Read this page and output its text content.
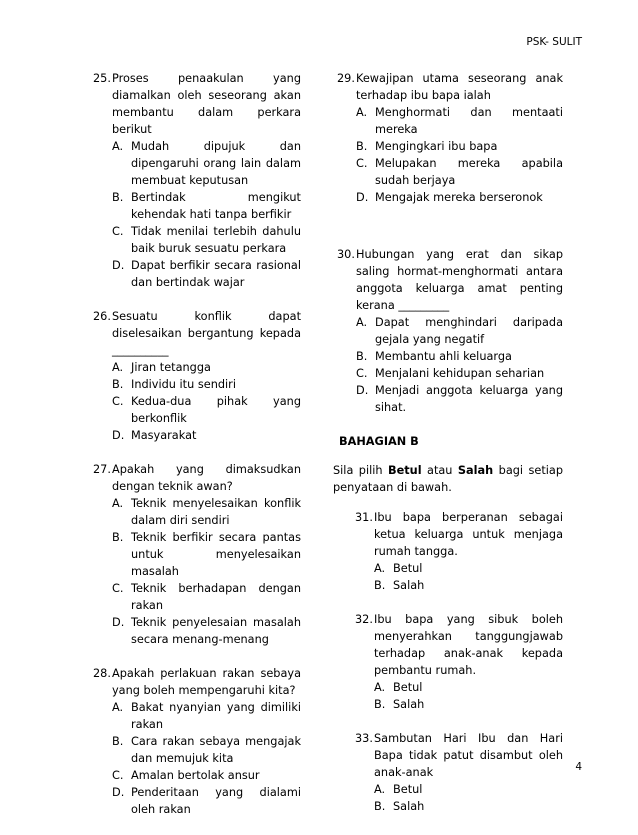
PSK- SULIT
25. Proses penaakulan yang diamalkan oleh seseorang akan membantu dalam perkara berikut
A. Mudah dipujuk dan dipengaruhi orang lain dalam membuat keputusan
B. Bertindak mengikut kehendak hati tanpa berfikir
C. Tidak menilai terlebih dahulu baik buruk sesuatu perkara
D. Dapat berfikir secara rasional dan bertindak wajar
26. Sesuatu konflik dapat diselesaikan bergantung kepada __________
A. Jiran tetangga
B. Individu itu sendiri
C. Kedua-dua pihak yang berkonflik
D. Masyarakat
27. Apakah yang dimaksudkan dengan teknik awan?
A. Teknik menyelesaikan konflik dalam diri sendiri
B. Teknik berfikir secara pantas untuk menyelesaikan masalah
C. Teknik berhadapan dengan rakan
D. Teknik penyelesaian masalah secara menang-menang
28. Apakah perlakuan rakan sebaya yang boleh mempengaruhi kita?
A. Bakat nyanyian yang dimiliki rakan
B. Cara rakan sebaya mengajak dan memujuk kita
C. Amalan bertolak ansur
D. Penderitaan yang dialami oleh rakan
29. Kewajipan utama seseorang anak terhadap ibu bapa ialah
A. Menghormati dan mentaati mereka
B. Mengingkari ibu bapa
C. Melupakan mereka apabila sudah berjaya
D. Mengajak mereka berseronok
30. Hubungan yang erat dan sikap saling hormat-menghormati antara anggota keluarga amat penting kerana _________
A. Dapat menghindari daripada gejala yang negatif
B. Membantu ahli keluarga
C. Menjalani kehidupan seharian
D. Menjadi anggota keluarga yang sihat.
BAHAGIAN B
Sila pilih Betul atau Salah bagi setiap penyataan di bawah.
31. Ibu bapa berperanan sebagai ketua keluarga untuk menjaga rumah tangga.
A. Betul
B. Salah
32. Ibu bapa yang sibuk boleh menyerahkan tanggungjawab terhadap anak-anak kepada pembantu rumah.
A. Betul
B. Salah
33. Sambutan Hari Ibu dan Hari Bapa tidak patut disambut oleh anak-anak
A. Betul
B. Salah
4
